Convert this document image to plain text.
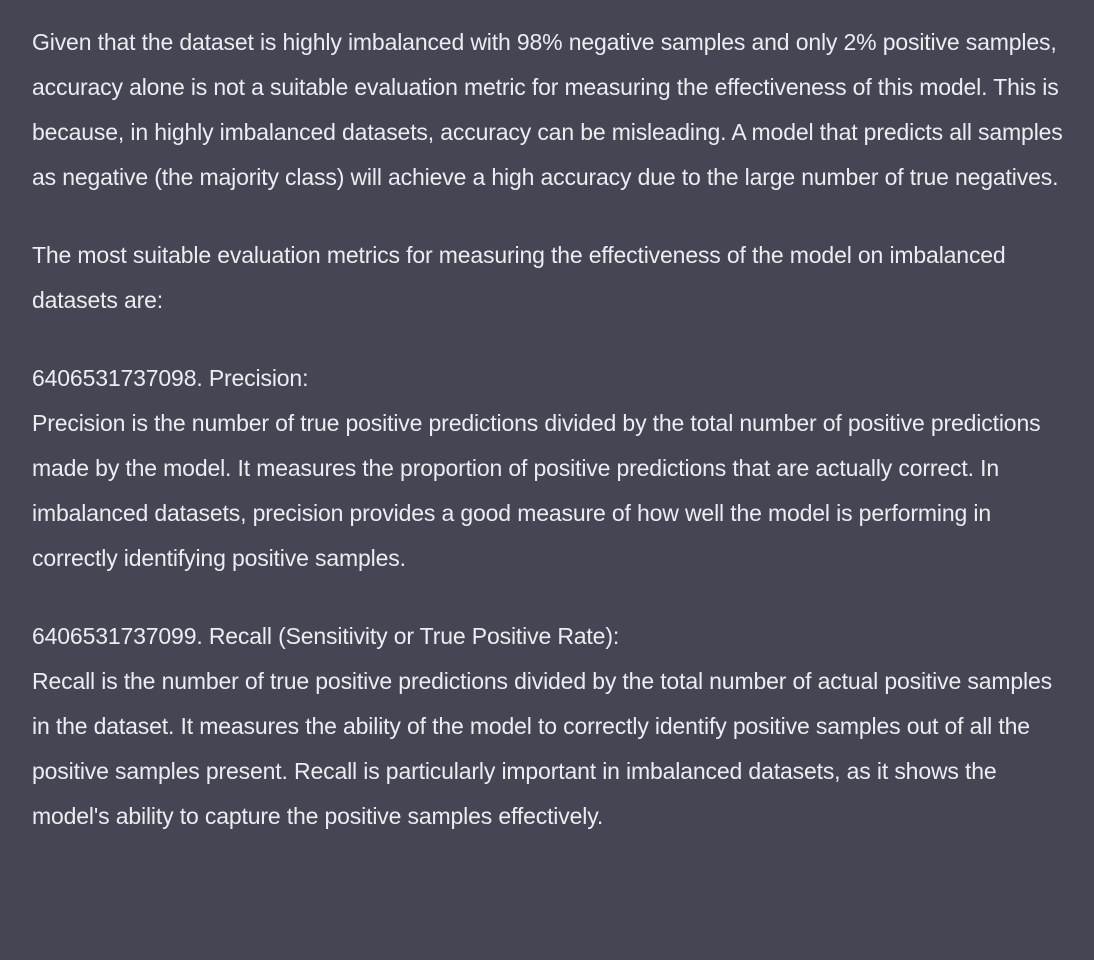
Given that the dataset is highly imbalanced with 98% negative samples and only 2% positive samples, accuracy alone is not a suitable evaluation metric for measuring the effectiveness of this model. This is because, in highly imbalanced datasets, accuracy can be misleading. A model that predicts all samples as negative (the majority class) will achieve a high accuracy due to the large number of true negatives.

The most suitable evaluation metrics for measuring the effectiveness of the model on imbalanced datasets are:

6406531737098. Precision:
Precision is the number of true positive predictions divided by the total number of positive predictions made by the model. It measures the proportion of positive predictions that are actually correct. In imbalanced datasets, precision provides a good measure of how well the model is performing in correctly identifying positive samples.

6406531737099. Recall (Sensitivity or True Positive Rate):
Recall is the number of true positive predictions divided by the total number of actual positive samples in the dataset. It measures the ability of the model to correctly identify positive samples out of all the positive samples present. Recall is particularly important in imbalanced datasets, as it shows the model's ability to capture the positive samples effectively.
